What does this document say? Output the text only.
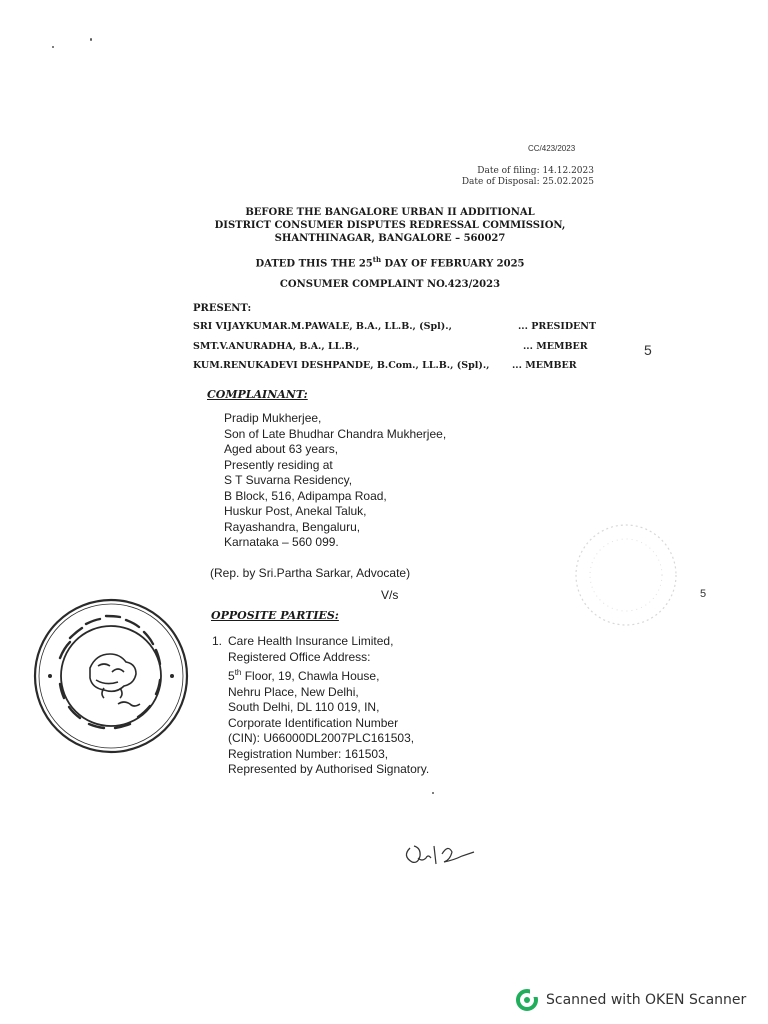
CC/423/2023
Date of filing: 14.12.2023
Date of Disposal: 25.02.2025
BEFORE THE BANGALORE URBAN II ADDITIONAL
DISTRICT CONSUMER DISPUTES REDRESSAL COMMISSION,
SHANTHINAGAR, BANGALORE – 560027
DATED THIS THE 25th DAY OF FEBRUARY 2025
CONSUMER COMPLAINT NO.423/2023
PRESENT:
SRI VIJAYKUMAR.M.PAWALE, B.A., LL.B., (Spl).,	... PRESIDENT
SMT.V.ANURADHA, B.A., LL.B.,	... MEMBER
KUM.RENUKADEVI DESHPANDE, B.Com., LL.B., (Spl)., ... MEMBER
5
COMPLAINANT:
Pradip Mukherjee,
Son of Late Bhudhar Chandra Mukherjee,
Aged about 63 years,
Presently residing at
S T Suvarna Residency,
B Block, 516, Adipampa Road,
Huskur Post, Anekal Taluk,
Rayashandra, Bengaluru,
Karnataka – 560 099.
(Rep. by Sri.Partha Sarkar, Advocate)
V/s	5
OPPOSITE PARTIES:
1. Care Health Insurance Limited,
Registered Office Address:
5th Floor, 19, Chawla House,
Nehru Place, New Delhi,
South Delhi, DL 110 019, IN,
Corporate Identification Number
(CIN): U66000DL2007PLC161503,
Registration Number: 161503,
Represented by Authorised Signatory.
Scanned with OKEN Scanner
